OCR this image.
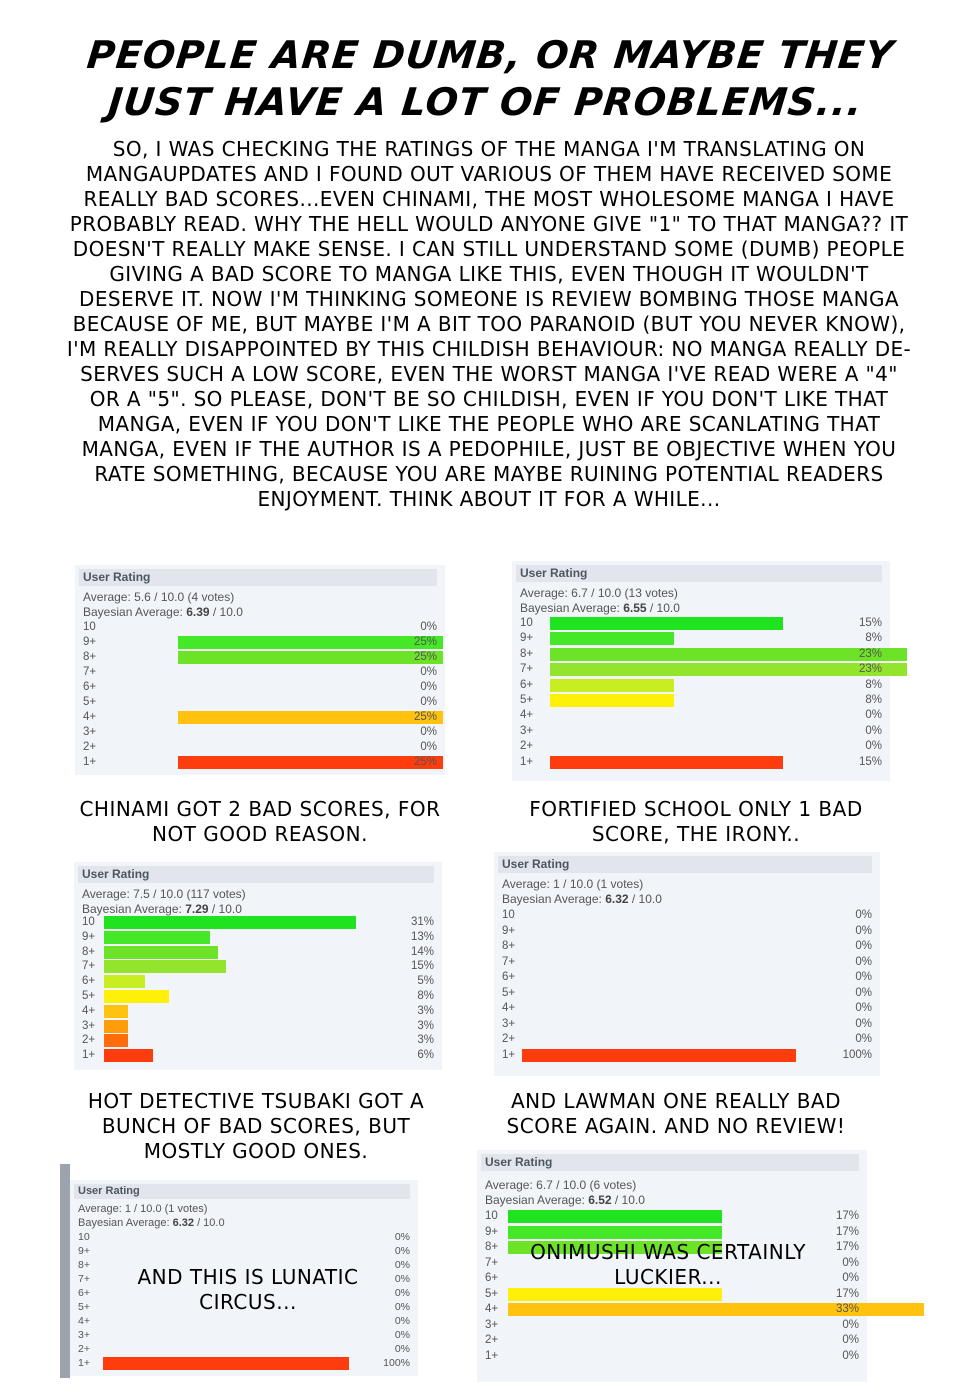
PEOPLE ARE DUMB, OR MAYBE THEY JUST HAVE A LOT OF PROBLEMS...

SO, I WAS CHECKING THE RATINGS OF THE MANGA I'M TRANSLATING ON MANGAUPDATES AND I FOUND OUT VARIOUS OF THEM HAVE RECEIVED SOME REALLY BAD SCORES...EVEN CHINAMI, THE MOST WHOLESOME MANGA I HAVE PROBABLY READ. WHY THE HELL WOULD ANYONE GIVE "1" TO THAT MANGA?? IT DOESN'T REALLY MAKE SENSE. I CAN STILL UNDERSTAND SOME (DUMB) PEOPLE GIVING A BAD SCORE TO MANGA LIKE THIS, EVEN THOUGH IT WOULDN'T DESERVE IT. NOW I'M THINKING SOMEONE IS REVIEW BOMBING THOSE MANGA BECAUSE OF ME, BUT MAYBE I'M A BIT TOO PARANOID (BUT YOU NEVER KNOW), I'M REALLY DISAPPOINTED BY THIS CHILDISH BEHAVIOUR: NO MANGA REALLY DE-SERVES SUCH A LOW SCORE, EVEN THE WORST MANGA I'VE READ WERE A "4" OR A "5". SO PLEASE, DON'T BE SO CHILDISH, EVEN IF YOU DON'T LIKE THAT MANGA, EVEN IF YOU DON'T LIKE THE PEOPLE WHO ARE SCANLATING THAT MANGA, EVEN IF THE AUTHOR IS A PEDOPHILE, JUST BE OBJECTIVE WHEN YOU RATE SOMETHING, BECAUSE YOU ARE MAYBE RUINING POTENTIAL READERS ENJOYMENT. THINK ABOUT IT FOR A WHILE...

User Rating
Average: 5.6 / 10.0 (4 votes)
Bayesian Average: 6.39 / 10.0
10	0%
9+	25%
8+	25%
7+	0%
6+	0%
5+	0%
4+	25%
3+	0%
2+	0%
1+	25%
User Rating
Average: 6.7 / 10.0 (13 votes)
Bayesian Average: 6.55 / 10.0
10	15%
9+	8%
8+	23%
7+	23%
6+	8%
5+	8%
4+	0%
3+	0%
2+	0%
1+	15%
User Rating
Average: 7.5 / 10.0 (117 votes)
Bayesian Average: 7.29 / 10.0
10	31%
9+	13%
8+	14%
7+	15%
6+	5%
5+	8%
4+	3%
3+	3%
2+	3%
1+	6%
User Rating
Average: 1 / 10.0 (1 votes)
Bayesian Average: 6.32 / 10.0
10	0%
9+	0%
8+	0%
7+	0%
6+	0%
5+	0%
4+	0%
3+	0%
2+	0%
1+	100%
User Rating
Average: 1 / 10.0 (1 votes)
Bayesian Average: 6.32 / 10.0
10	0%
9+	0%
8+	0%
7+	0%
6+	0%
5+	0%
4+	0%
3+	0%
2+	0%
1+	100%
User Rating
Average: 6.7 / 10.0 (6 votes)
Bayesian Average: 6.52 / 10.0
10	17%
9+	17%
8+	17%
7+	0%
6+	0%
5+	17%
4+	33%
3+	0%
2+	0%
1+	0%

CHINAMI GOT 2 BAD SCORES, FOR NOT GOOD REASON.

FORTIFIED SCHOOL ONLY 1 BAD SCORE, THE IRONY..

HOT DETECTIVE TSUBAKI GOT A BUNCH OF BAD SCORES, BUT MOSTLY GOOD ONES.

AND LAWMAN ONE REALLY BAD SCORE AGAIN. AND NO REVIEW!

AND THIS IS LUNATIC CIRCUS...

ONIMUSHI WAS CERTAINLY LUCKIER...
